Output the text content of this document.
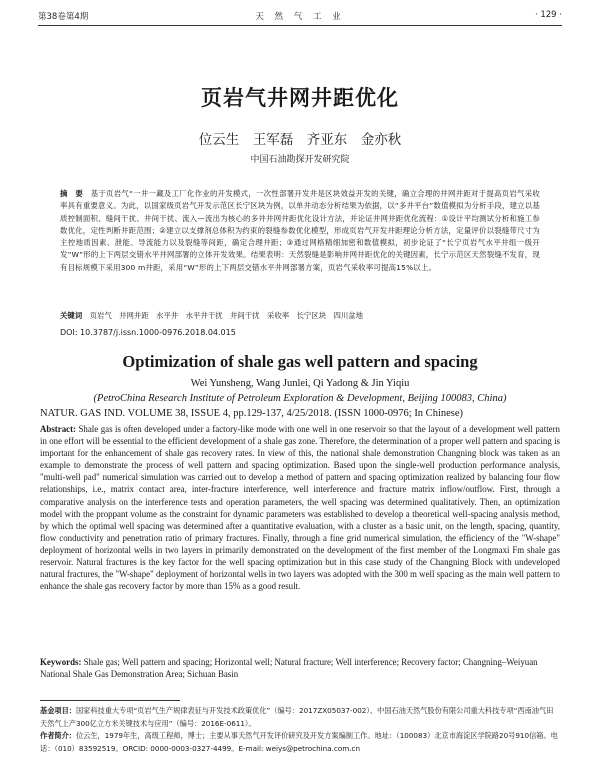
第38卷第4期	天 然 气 工 业	· 129 ·
页岩气井网井距优化
位云生　王军磊　齐亚东　金亦秋
中国石油勘探开发研究院
摘　要　基于页岩气“一井一藏及工厂化作业的开发模式，一次性部署开发井是区块效益开发的关键，确立合理的井网井距对于提高页岩气采收率具有重要意义。为此，以国家级页岩气开发示范区长宁区块为例，以单井动态分析结果为依据，以“多井平台”数值模拟为分析手段，建立以基质控制面积、缝间干扰、井间干扰、流入—流出为核心的多井井网井距优化设计方法，并论证井网井距优化流程：①设计平均测试分析和施工参数优化，定性判断井距范围；②建立以支撑剂总体积为约束的裂缝参数优化模型，形成页岩气开发井距理论分析方法，定量评价以裂缝带尺寸为主控地质因素、泄能、导流能力以及裂缝等间距，确定合理井距；③通过网格精细加密和数值模拟，初步论证了“长宁页岩气水平井组一级开发”W”形的上下两层交错水平井网部署的立体开发效果。结果表明：天然裂缝是影响井网井距优化的关键因素，长宁示范区天然裂缝不发育，现有目标规模下采用300 m井距，采用“W”形的上下两层交错水平井网部署方案，页岩气采收率可提高15%以上。
关键词　页岩气　井网井距　水平井　水平井干扰　井间干扰　采收率　长宁区块　四川盆地
DOI: 10.3787/j.issn.1000-0976.2018.04.015
Optimization of shale gas well pattern and spacing
Wei Yunsheng, Wang Junlei, Qi Yadong & Jin Yiqiu
(PetroChina Research Institute of Petroleum Exploration & Development, Beijing 100083, China)
NATUR. GAS IND. VOLUME 38, ISSUE 4, pp.129-137, 4/25/2018. (ISSN 1000-0976; In Chinese)
Abstract: Shale gas is often developed under a factory-like mode with one well in one reservoir so that the layout of a development well pattern in one effort will be essential to the efficient development of a shale gas zone. Therefore, the determination of a proper well pattern and spacing is important for the enhancement of shale gas recovery rates. In view of this, the national shale demonstration Changning block was taken as an example to demonstrate the process of well pattern and spacing optimization. Based upon the single-well production performance analysis, "multi-well pad" numerical simulation was carried out to develop a method of pattern and spacing optimization realized by balancing four flow relationships, i.e., matrix contact area, inter-fracture interference, well interference and fracture matrix inflow/outflow. First, through a comparative analysis on the interference tests and operation parameters, the well spacing was determined qualitatively. Then, an optimization model with the proppant volume as the constraint for dynamic parameters was established to develop a theoretical well-spacing analysis method, by which the optimal well spacing was determined after a quantitative evaluation, with a cluster as a basic unit, on the length, spacing, quantity, flow conductivity and penetration ratio of primary fractures. Finally, through a fine grid numerical simulation, the efficiency of the "W-shape" deployment of horizontal wells in two layers in primarily demonstrated on the development of the first member of the Longmaxi Fm shale gas reservoir. Natural fractures is the key factor for the well spacing optimization but in this case study of the Changning Block with undeveloped natural fractures, the "W-shape" deployment of horizontal wells in two layers was adopted with the 300 m well spacing as the main well pattern to enhance the shale gas recovery factor by more than 15% as a good result.
Keywords: Shale gas; Well pattern and spacing; Horizontal well; Natural fracture; Well interference; Recovery factor; Changning–Weiyuan National Shale Gas Demonstration Area; Sichuan Basin
基金项目：国家科技重大专项“页岩气生产规律表征与开发技术政策优化”（编号：2017ZX05037-002）、中国石油天然气股份有限公司重大科技专项“西南油气田天然气上产300亿立方米关键技术与应用”（编号：2016E-0611）。
作者简介：位云生，1979年生，高级工程师，博士；主要从事天然气开发评价研究及开发方案编制工作。地址：（100083）北京市海淀区学院路20号910信箱。电话：（010）83592519。ORCID: 0000-0003-0327-4499。E-mail: weiys@petrochina.com.cn
